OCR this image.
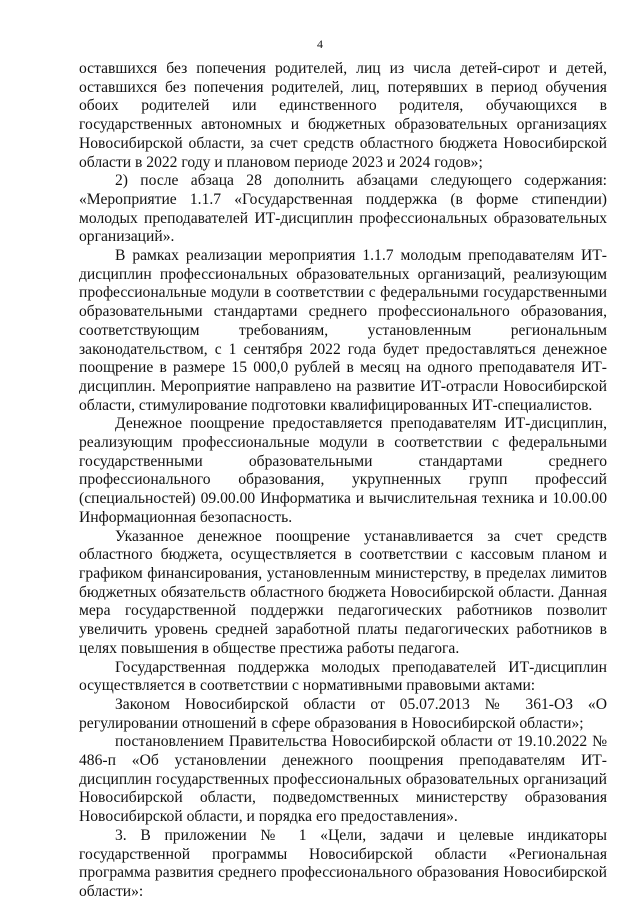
4

оставшихся без попечения родителей, лиц из числа детей-сирот и детей, оставшихся без попечения родителей, лиц, потерявших в период обучения обоих родителей или единственного родителя, обучающихся в государственных автономных и бюджетных образовательных организациях Новосибирской области, за счет средств областного бюджета Новосибирской области в 2022 году и плановом периоде 2023 и 2024 годов»;

2) после абзаца 28 дополнить абзацами следующего содержания: «Мероприятие 1.1.7 «Государственная поддержка (в форме стипендии) молодых преподавателей ИТ-дисциплин профессиональных образовательных организаций».

В рамках реализации мероприятия 1.1.7 молодым преподавателям ИТ-дисциплин профессиональных образовательных организаций, реализующим профессиональные модули в соответствии с федеральными государственными образовательными стандартами среднего профессионального образования, соответствующим требованиям, установленным региональным законодательством, с 1 сентября 2022 года будет предоставляться денежное поощрение в размере 15 000,0 рублей в месяц на одного преподавателя ИТ-дисциплин. Мероприятие направлено на развитие ИТ-отрасли Новосибирской области, стимулирование подготовки квалифицированных ИТ-специалистов.

Денежное поощрение предоставляется преподавателям ИТ-дисциплин, реализующим профессиональные модули в соответствии с федеральными государственными образовательными стандартами среднего профессионального образования, укрупненных групп профессий (специальностей) 09.00.00 Информатика и вычислительная техника и 10.00.00 Информационная безопасность.

Указанное денежное поощрение устанавливается за счет средств областного бюджета, осуществляется в соответствии с кассовым планом и графиком финансирования, установленным министерству, в пределах лимитов бюджетных обязательств областного бюджета Новосибирской области. Данная мера государственной поддержки педагогических работников позволит увеличить уровень средней заработной платы педагогических работников в целях повышения в обществе престижа работы педагога.

Государственная поддержка молодых преподавателей ИТ-дисциплин осуществляется в соответствии с нормативными правовыми актами:

Законом Новосибирской области от 05.07.2013 № 361-ОЗ «О регулировании отношений в сфере образования в Новосибирской области»;

постановлением Правительства Новосибирской области от 19.10.2022 № 486-п «Об установлении денежного поощрения преподавателям ИТ-дисциплин государственных профессиональных образовательных организаций Новосибирской области, подведомственных министерству образования Новосибирской области, и порядка его предоставления».

3. В приложении № 1 «Цели, задачи и целевые индикаторы государственной программы Новосибирской области «Региональная программа развития среднего профессионального образования Новосибирской области»:
